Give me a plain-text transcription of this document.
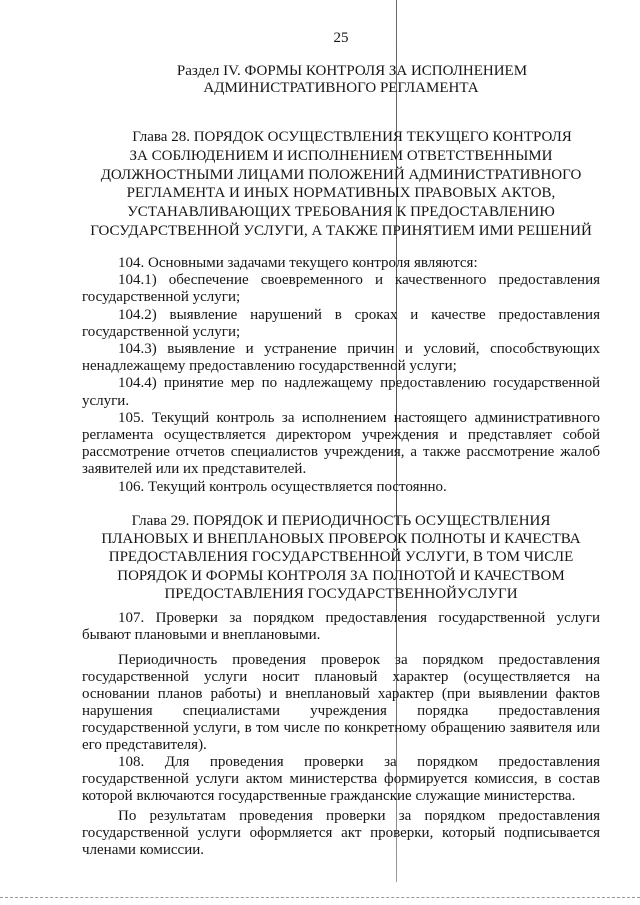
25
Раздел IV. ФОРМЫ КОНТРОЛЯ ЗА ИСПОЛНЕНИЕМ
АДМИНИСТРАТИВНОГО РЕГЛАМЕНТА
Глава 28. ПОРЯДОК ОСУЩЕСТВЛЕНИЯ ТЕКУЩЕГО КОНТРОЛЯ
ЗА СОБЛЮДЕНИЕМ И ИСПОЛНЕНИЕМ ОТВЕТСТВЕННЫМИ
ДОЛЖНОСТНЫМИ ЛИЦАМИ ПОЛОЖЕНИЙ АДМИНИСТРАТИВНОГО
РЕГЛАМЕНТА И ИНЫХ НОРМАТИВНЫХ ПРАВОВЫХ АКТОВ,
УСТАНАВЛИВАЮЩИХ ТРЕБОВАНИЯ К ПРЕДОСТАВЛЕНИЮ
ГОСУДАРСТВЕННОЙ УСЛУГИ, А ТАКЖЕ ПРИНЯТИЕМ ИМИ РЕШЕНИЙ

104. Основными задачами текущего контроля являются:

104.1) обеспечение своевременного и качественного предоставления государственной услуги;

104.2) выявление нарушений в сроках и качестве предоставления государственной услуги;

104.3) выявление и устранение причин и условий, способствующих ненадлежащему предоставлению государственной услуги;

104.4) принятие мер по надлежащему предоставлению государственной услуги.

105. Текущий контроль за исполнением настоящего административного регламента осуществляется директором учреждения и представляет собой рассмотрение отчетов специалистов учреждения, а также рассмотрение жалоб заявителей или их представителей.

106. Текущий контроль осуществляется постоянно.

Глава 29. ПОРЯДОК И ПЕРИОДИЧНОСТЬ ОСУЩЕСТВЛЕНИЯ
ПЛАНОВЫХ И ВНЕПЛАНОВЫХ ПРОВЕРОК ПОЛНОТЫ И КАЧЕСТВА
ПРЕДОСТАВЛЕНИЯ ГОСУДАРСТВЕННОЙ УСЛУГИ, В ТОМ ЧИСЛЕ
ПОРЯДОК И ФОРМЫ КОНТРОЛЯ ЗА ПОЛНОТОЙ И КАЧЕСТВОМ
ПРЕДОСТАВЛЕНИЯ ГОСУДАРСТВЕННОЙУСЛУГИ

107. Проверки за порядком предоставления государственной услуги бывают плановыми и внеплановыми.

Периодичность проведения проверок за порядком предоставления государственной услуги носит плановый характер (осуществляется на основании планов работы) и внеплановый характер (при выявлении фактов нарушения специалистами учреждения порядка предоставления государственной услуги, в том числе по конкретному обращению заявителя или его представителя).

108. Для проведения проверки за порядком предоставления государственной услуги актом министерства формируется комиссия, в состав которой включаются государственные гражданские служащие министерства.

По результатам проведения проверки за порядком предоставления государственной услуги оформляется акт проверки, который подписывается членами комиссии.
